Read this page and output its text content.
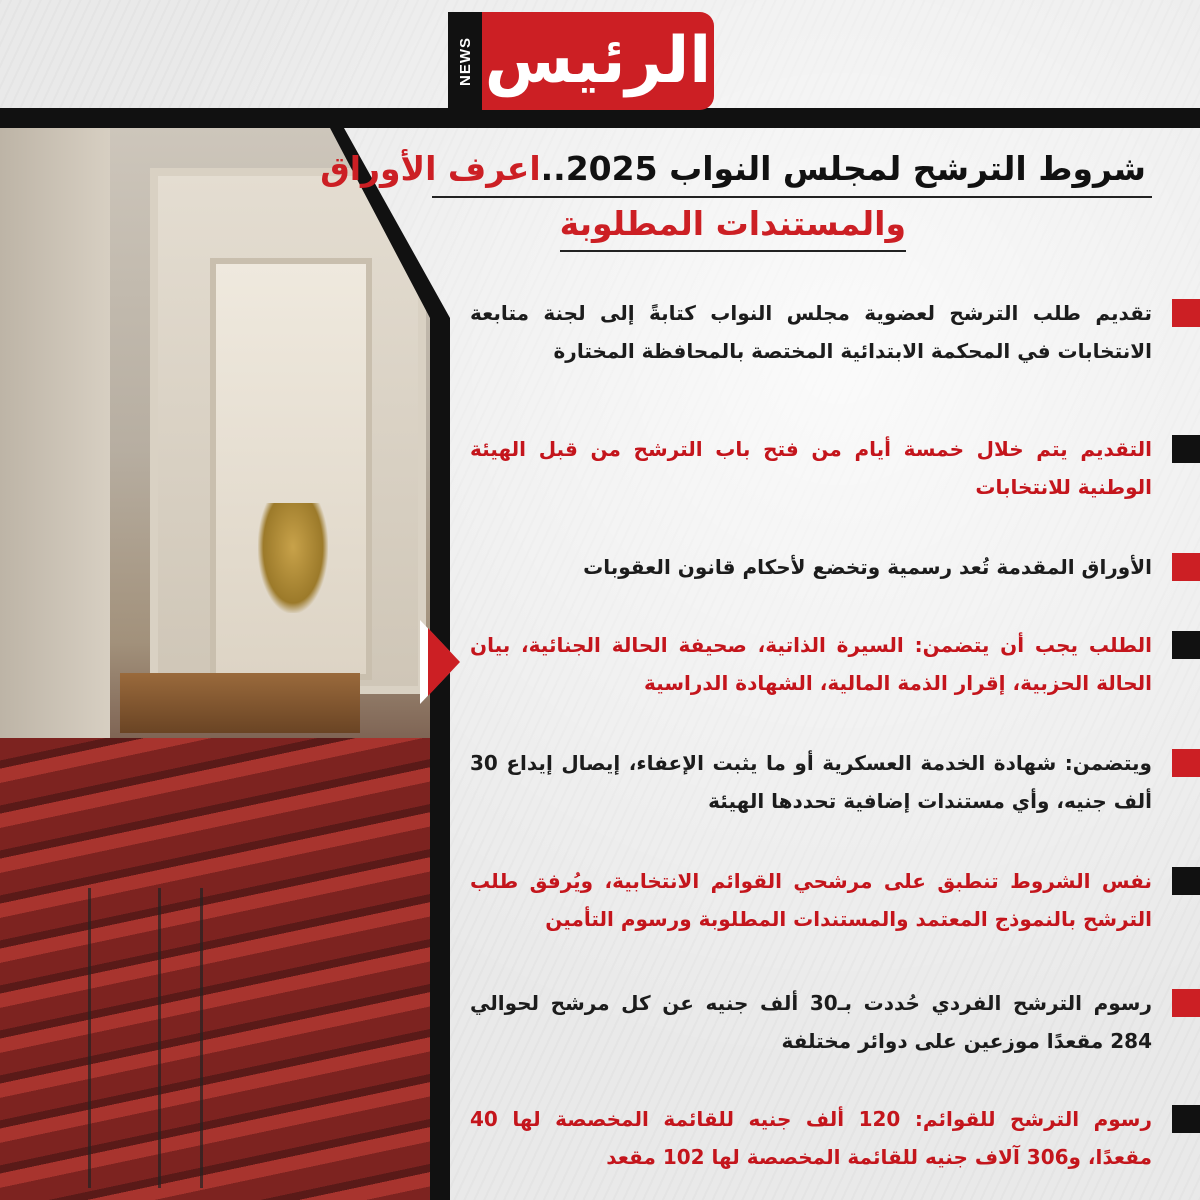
NEWS الرئيس
شروط الترشح لمجلس النواب 2025..اعرف الأوراق
والمستندات المطلوبة
تقديم طلب الترشح لعضوية مجلس النواب كتابةً إلى لجنة متابعة الانتخابات في المحكمة الابتدائية المختصة بالمحافظة المختارة
التقديم يتم خلال خمسة أيام من فتح باب الترشح من قبل الهيئة الوطنية للانتخابات
الأوراق المقدمة تُعد رسمية وتخضع لأحكام قانون العقوبات
الطلب يجب أن يتضمن: السيرة الذاتية، صحيفة الحالة الجنائية، بيان الحالة الحزبية، إقرار الذمة المالية، الشهادة الدراسية
ويتضمن: شهادة الخدمة العسكرية أو ما يثبت الإعفاء، إيصال إيداع 30 ألف جنيه، وأي مستندات إضافية تحددها الهيئة
نفس الشروط تنطبق على مرشحي القوائم الانتخابية، ويُرفق طلب الترشح بالنموذج المعتمد والمستندات المطلوبة ورسوم التأمين
رسوم الترشح الفردي حُددت بـ30 ألف جنيه عن كل مرشح لحوالي 284 مقعدًا موزعين على دوائر مختلفة
رسوم الترشح للقوائم: 120 ألف جنيه للقائمة المخصصة لها 40 مقعدًا، و306 آلاف جنيه للقائمة المخصصة لها 102 مقعد
